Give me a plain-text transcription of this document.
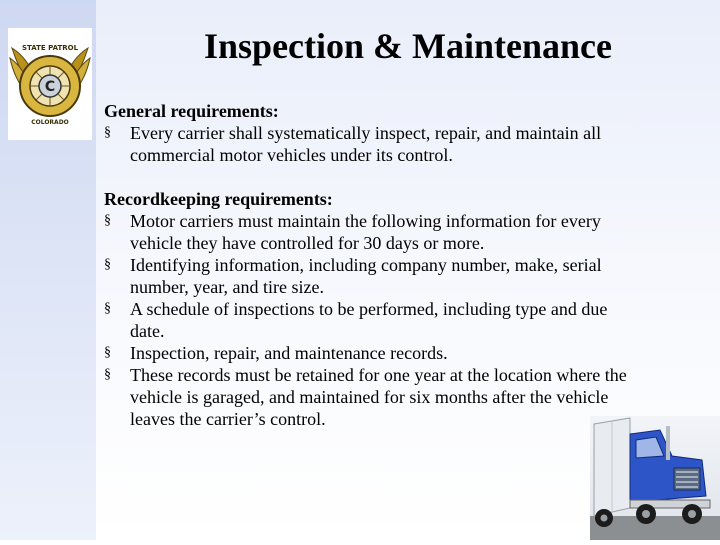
C
STATE PATROL
COLORADO
Inspection & Maintenance
General requirements:
§ Every carrier shall systematically inspect, repair, and maintain all commercial motor vehicles under its control.
Recordkeeping requirements:
§ Motor carriers must maintain the following information for every vehicle they have controlled for 30 days or more.
§ Identifying information, including company number, make, serial number, year, and tire size.
§ A schedule of inspections to be performed, including type and due date.
§ Inspection, repair, and maintenance records.
§ These records must be retained for one year at the location where the vehicle is garaged, and maintained for six months after the vehicle leaves the carrier’s control.
